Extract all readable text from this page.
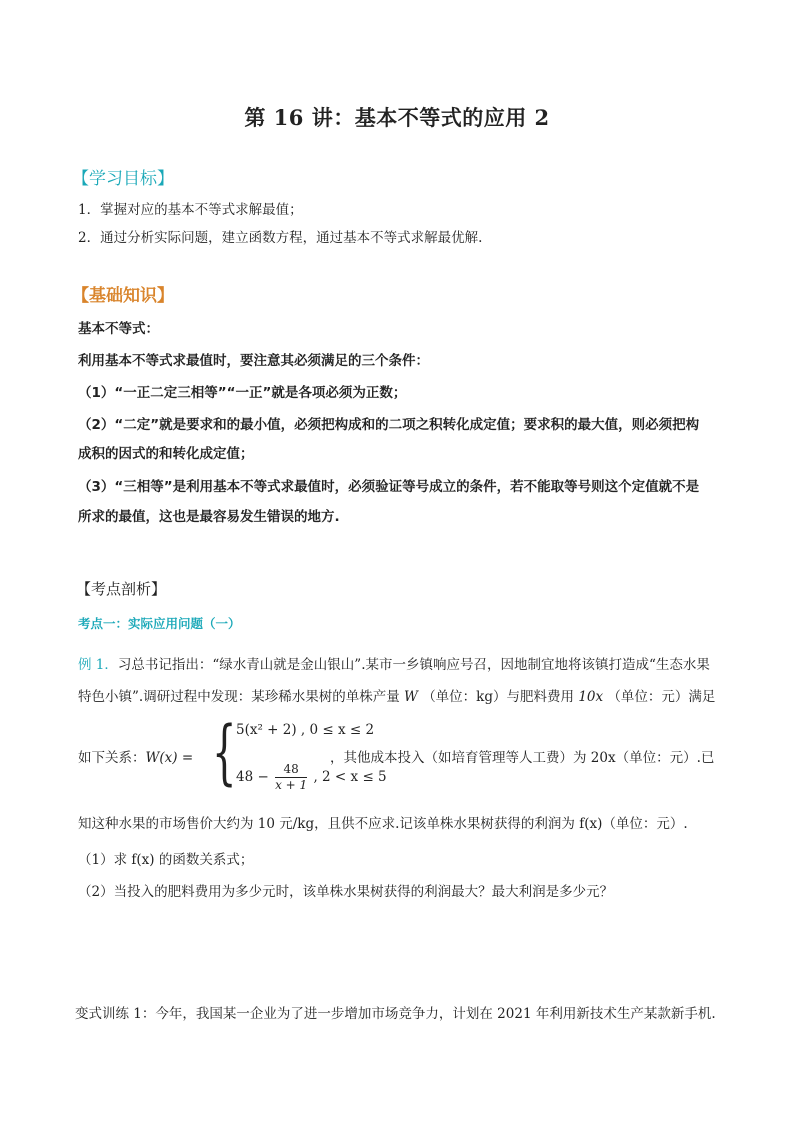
第 16 讲：基本不等式的应用 2
【学习目标】
1．掌握对应的基本不等式求解最值；
2．通过分析实际问题，建立函数方程，通过基本不等式求解最优解.
【基础知识】
基本不等式：
利用基本不等式求最值时，要注意其必须满足的三个条件：
（1）“一正二定三相等”“一正”就是各项必须为正数；
（2）“二定”就是要求和的最小值，必须把构成和的二项之积转化成定值；要求积的最大值，则必须把构
成积的因式的和转化成定值；
（3）“三相等”是利用基本不等式求最值时，必须验证等号成立的条件，若不能取等号则这个定值就不是
所求的最值，这也是最容易发生错误的地方.
【考点剖析】
考点一：实际应用问题（一）
例 1．习总书记指出：“绿水青山就是金山银山”.某市一乡镇响应号召，因地制宜地将该镇打造成“生态水果
特色小镇”.调研过程中发现：某珍稀水果树的单株产量 W （单位：kg）与肥料费用 10x （单位：元）满足
如下关系：W(x) = { 5(x² + 2) , 0 ≤ x ≤ 2
$48 - \frac{48}{x + 1}$ , 2 < x ≤ 5
，其他成本投入（如培育管理等人工费）为 20x（单位：元）.已
知这种水果的市场售价大约为 10 元/kg，且供不应求.记该单株水果树获得的利润为 f(x)（单位：元）.
（1）求 f(x) 的函数关系式；
（2）当投入的肥料费用为多少元时，该单株水果树获得的利润最大？最大利润是多少元？
变式训练 1：今年，我国某一企业为了进一步增加市场竞争力，计划在 2021 年利用新技术生产某款新手机.
